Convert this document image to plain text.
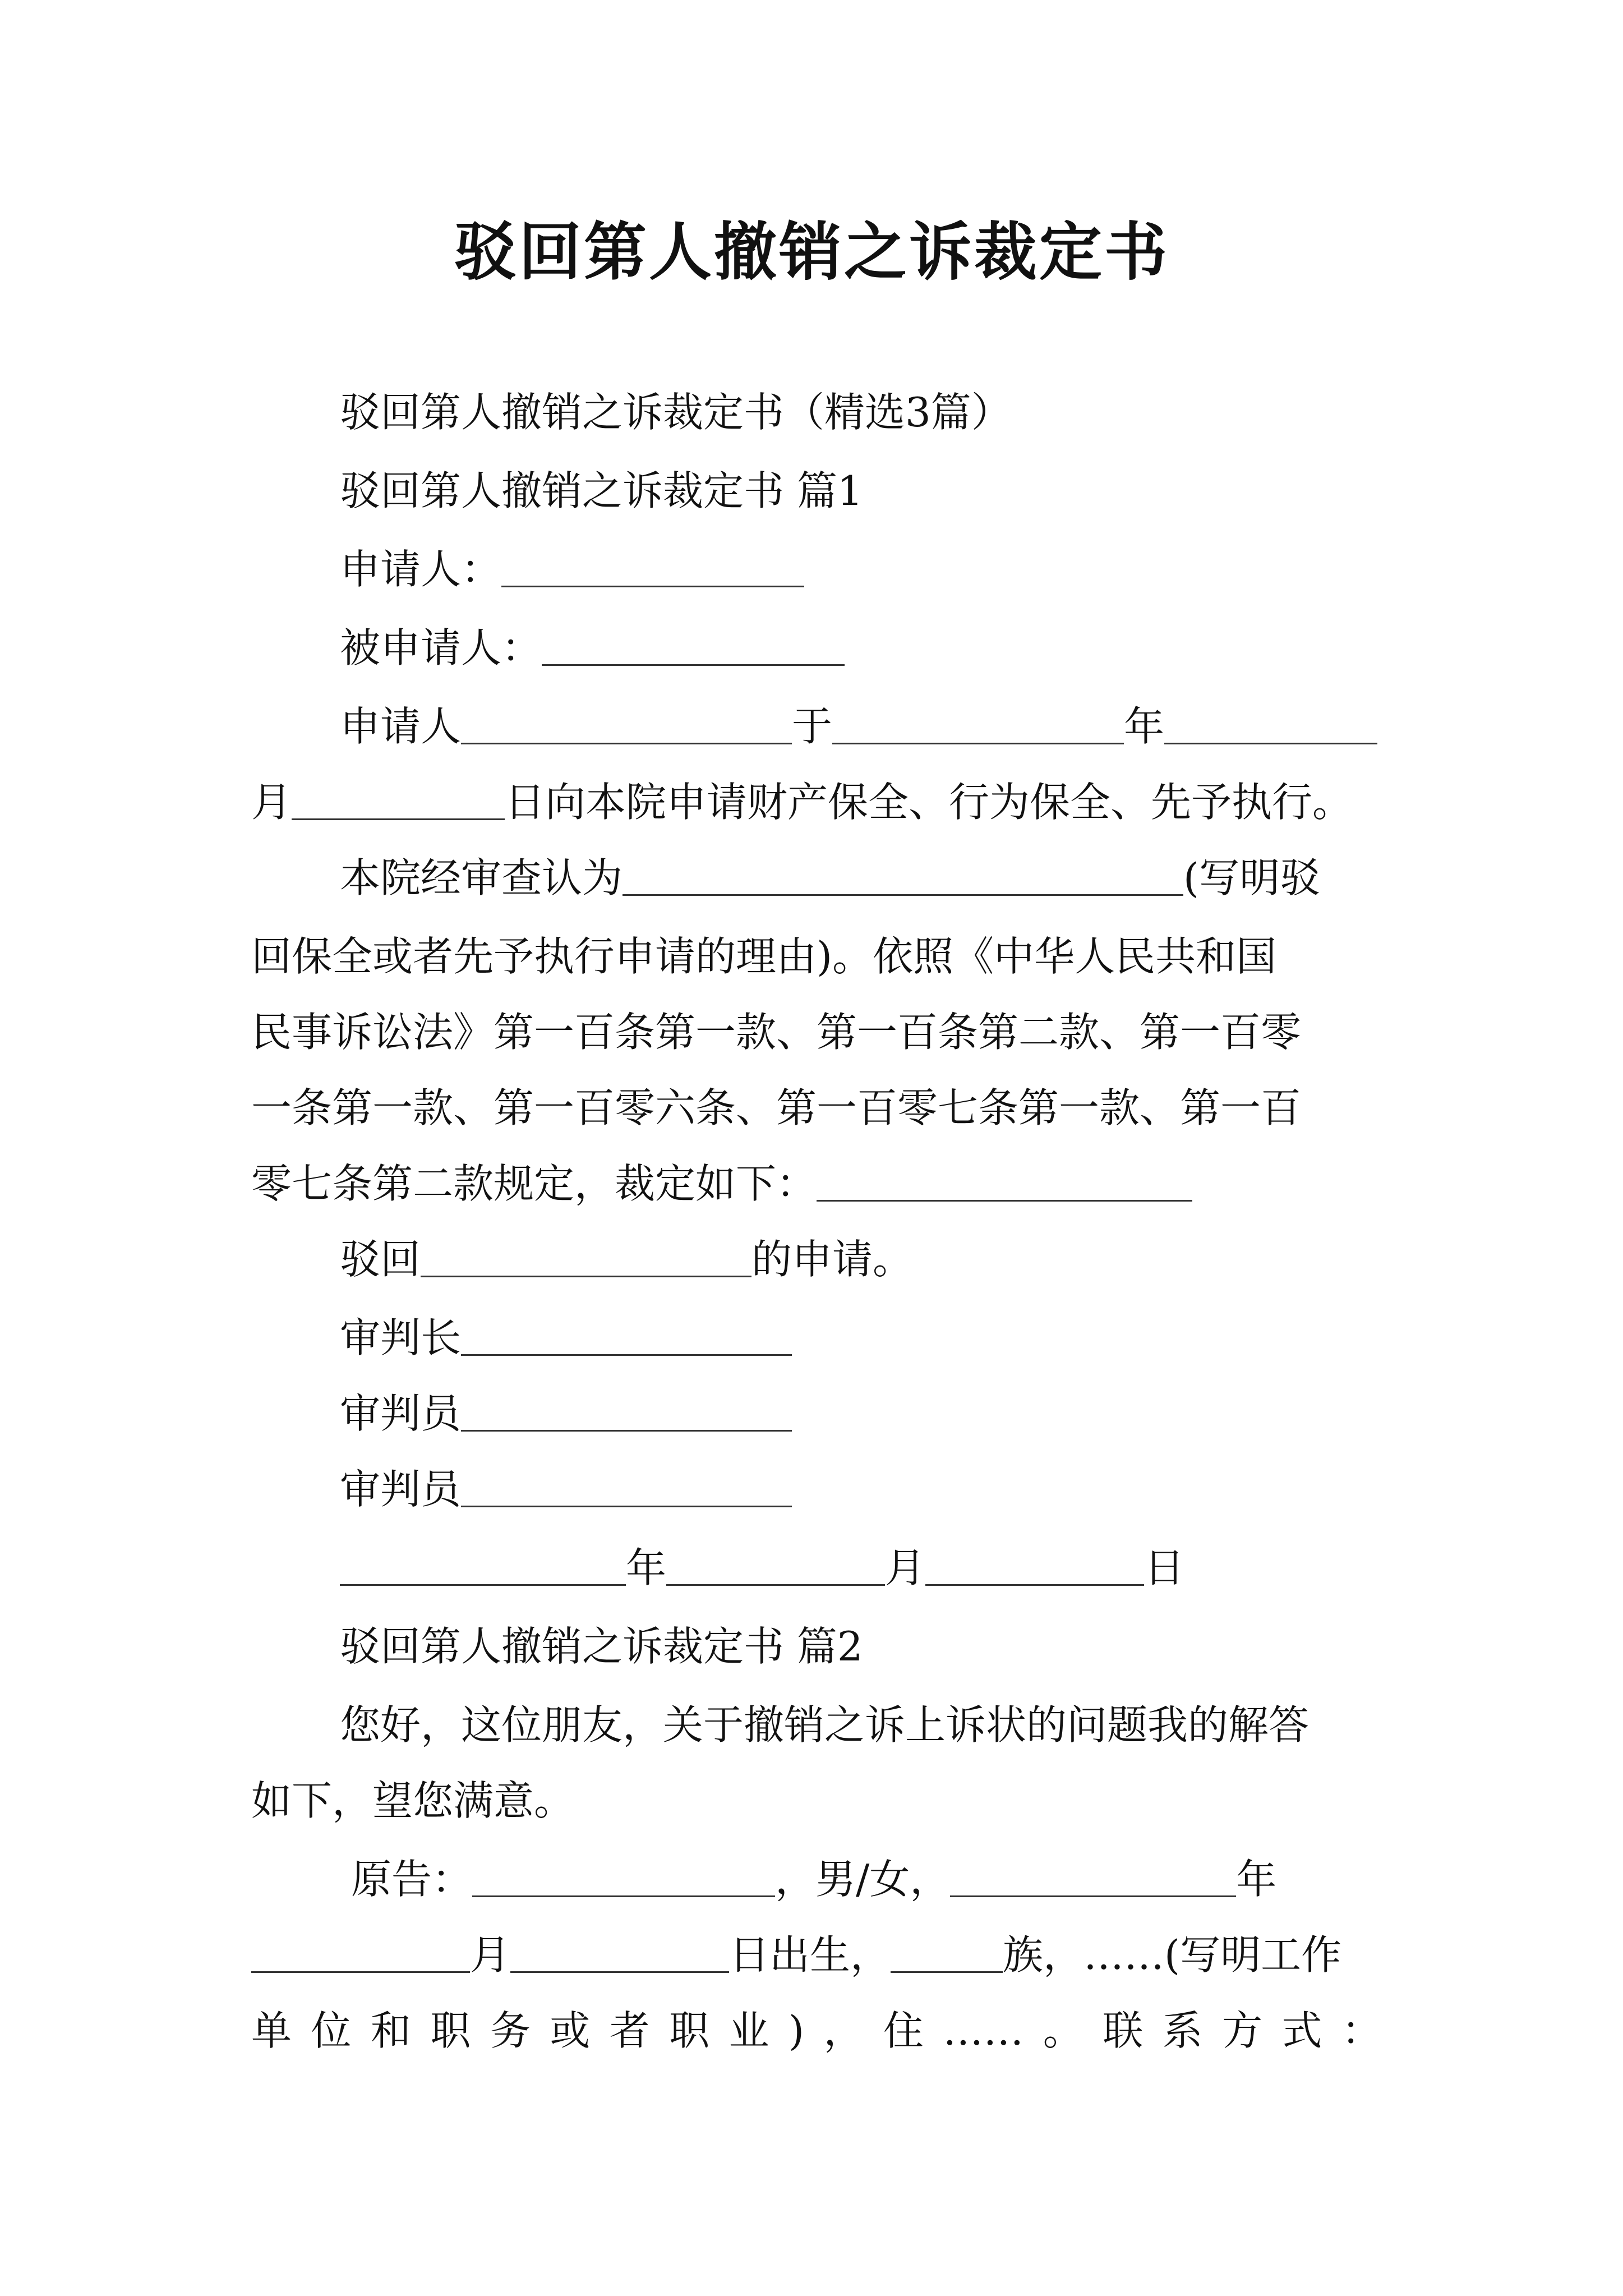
驳回第人撤销之诉裁定书
驳回第人撤销之诉裁定书（精选3篇）
驳回第人撤销之诉裁定书 篇1
申请人：
被申请人：
申请人	于	年
月	日向本院申请财产保全、行为保全、先予执行。
本院经审查认为	(写明驳
回保全或者先予执行申请的理由)。依照《中华人民共和国
民事诉讼法》第一百条第一款、第一百条第二款、第一百零
一条第一款、第一百零六条、第一百零七条第一款、第一百
零七条第二款规定，裁定如下：
驳回	的申请。
审判长
审判员
审判员
年	月	日
驳回第人撤销之诉裁定书 篇2
您好，这位朋友，关于撤销之诉上诉状的问题我的解答
如下，望您满意。
原告：	，男/女，	年
月	日出生，	族，……(写明工作
单位和职务或者职业)，住……。联系方式：
